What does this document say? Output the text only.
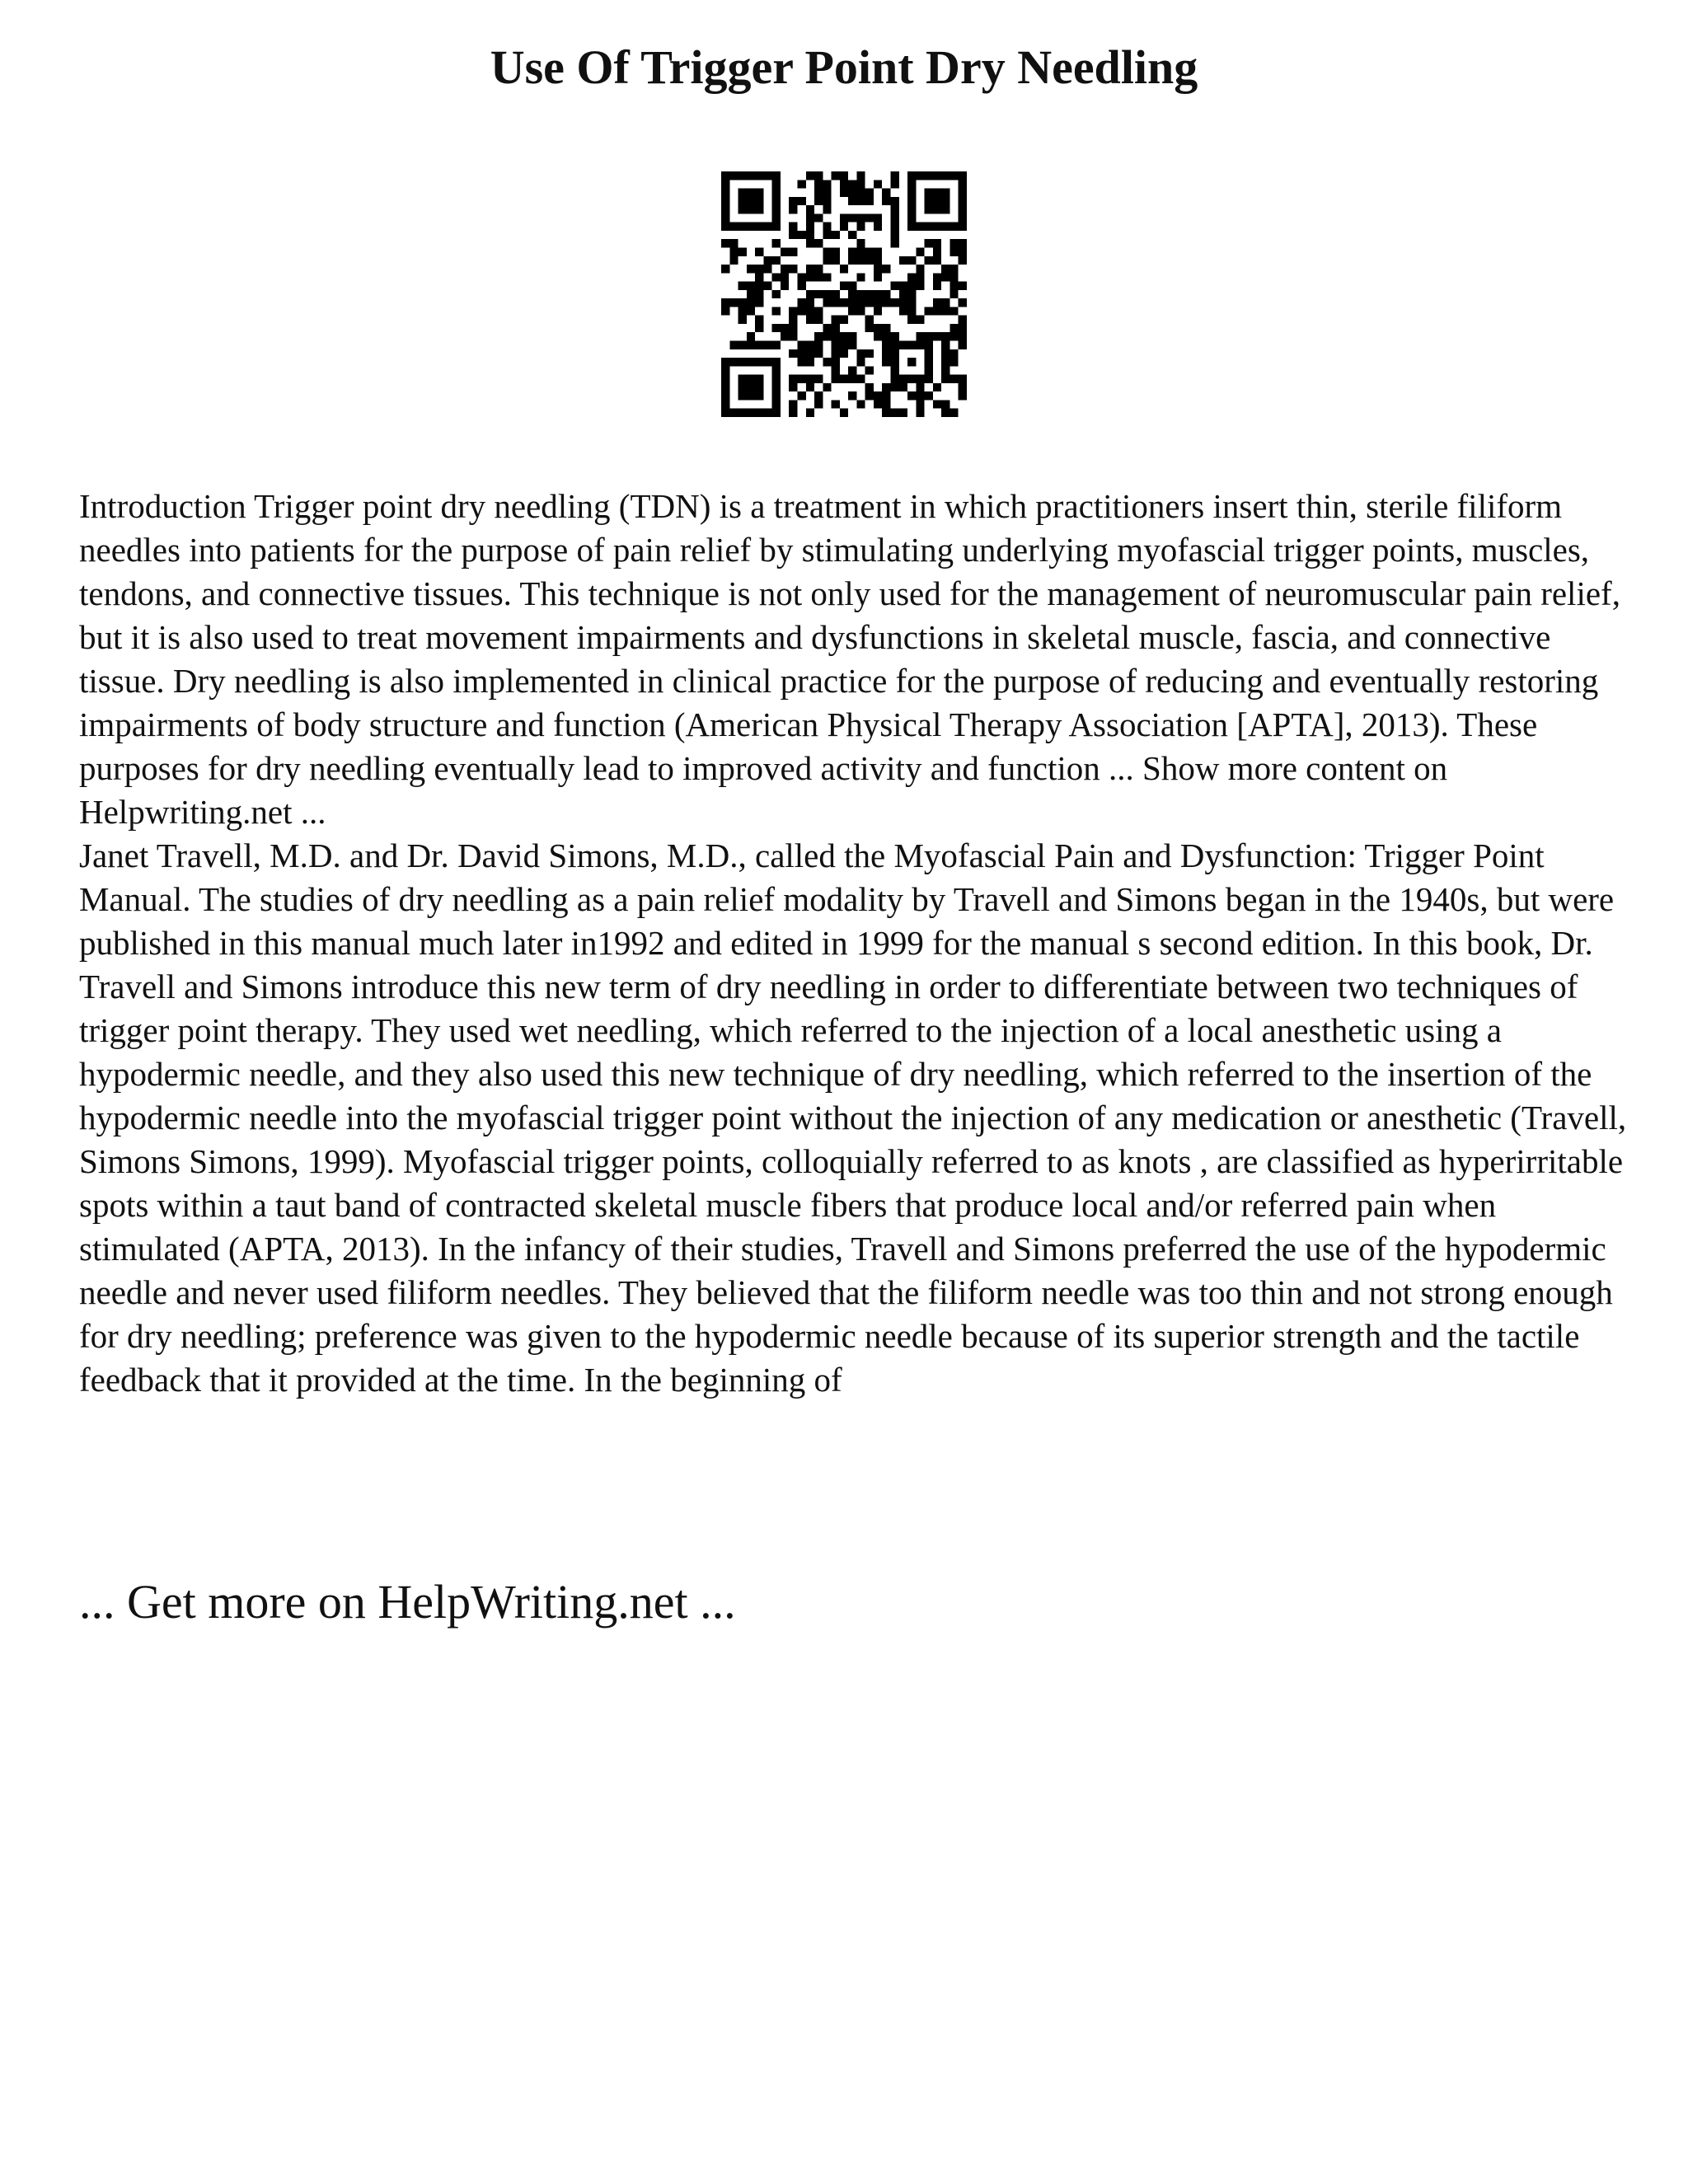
Use Of Trigger Point Dry Needling

Introduction Trigger point dry needling (TDN) is a treatment in which practitioners insert thin, sterile filiform needles into patients for the purpose of pain relief by stimulating underlying myofascial trigger points, muscles, tendons, and connective tissues. This technique is not only used for the management of neuromuscular pain relief, but it is also used to treat movement impairments and dysfunctions in skeletal muscle, fascia, and connective tissue. Dry needling is also implemented in clinical practice for the purpose of reducing and eventually restoring impairments of body structure and function (American Physical Therapy Association [APTA], 2013). These purposes for dry needling eventually lead to improved activity and function ... Show more content on Helpwriting.net ...

Janet Travell, M.D. and Dr. David Simons, M.D., called the Myofascial Pain and Dysfunction: Trigger Point Manual. The studies of dry needling as a pain relief modality by Travell and Simons began in the 1940s, but were published in this manual much later in1992 and edited in 1999 for the manual s second edition. In this book, Dr. Travell and Simons introduce this new term of dry needling in order to differentiate between two techniques of trigger point therapy. They used wet needling, which referred to the injection of a local anesthetic using a hypodermic needle, and they also used this new technique of dry needling, which referred to the insertion of the hypodermic needle into the myofascial trigger point without the injection of any medication or anesthetic (Travell, Simons Simons, 1999). Myofascial trigger points, colloquially referred to as knots , are classified as hyperirritable spots within a taut band of contracted skeletal muscle fibers that produce local and/or referred pain when stimulated (APTA, 2013). In the infancy of their studies, Travell and Simons preferred the use of the hypodermic needle and never used filiform needles. They believed that the filiform needle was too thin and not strong enough for dry needling; preference was given to the hypodermic needle because of its superior strength and the tactile feedback that it provided at the time. In the beginning of

... Get more on HelpWriting.net ...
